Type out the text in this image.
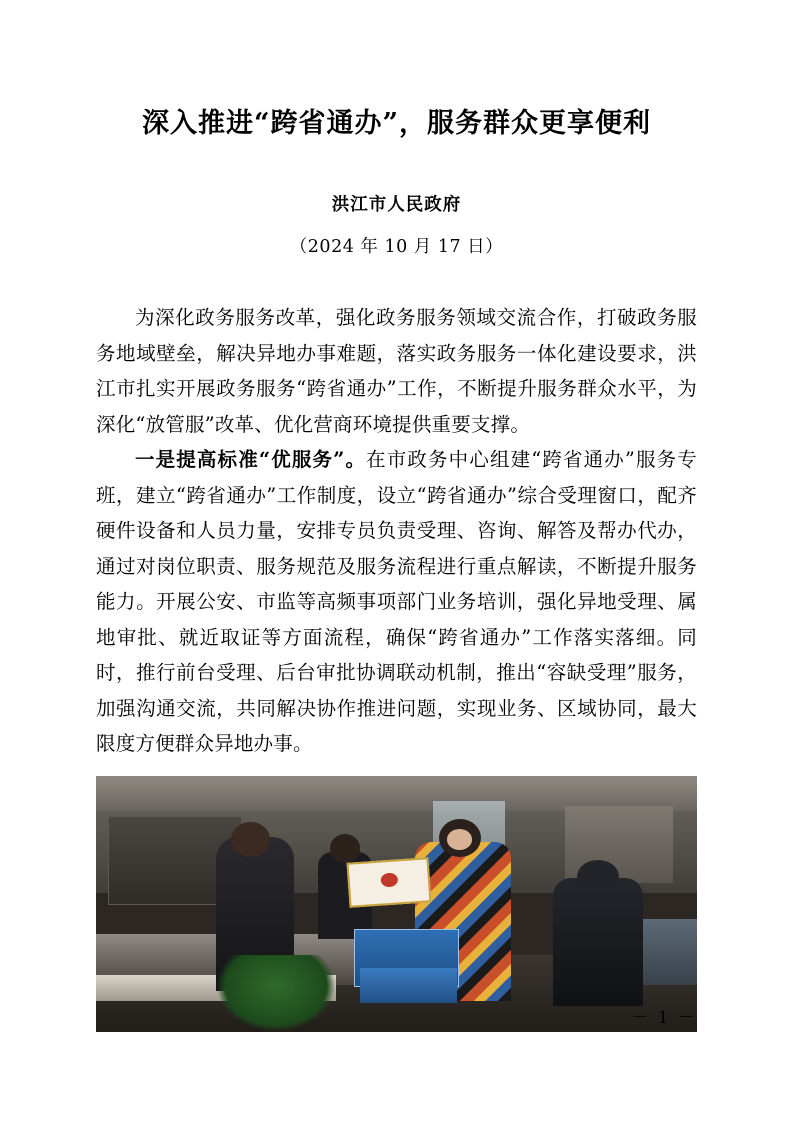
深入推进“跨省通办”，服务群众更享便利
洪江市人民政府
（2024 年 10 月 17 日）

为深化政务服务改革，强化政务服务领域交流合作，打破政务服务地域壁垒，解决异地办事难题，落实政务服务一体化建设要求，洪江市扎实开展政务服务“跨省通办”工作，不断提升服务群众水平，为深化“放管服”改革、优化营商环境提供重要支撑。

一是提高标准“优服务”。在市政务中心组建“跨省通办”服务专班，建立“跨省通办”工作制度，设立“跨省通办”综合受理窗口，配齐硬件设备和人员力量，安排专员负责受理、咨询、解答及帮办代办，通过对岗位职责、服务规范及服务流程进行重点解读，不断提升服务能力。开展公安、市监等高频事项部门业务培训，强化异地受理、属地审批、就近取证等方面流程，确保“跨省通办”工作落实落细。同时，推行前台受理、后台审批协调联动机制，推出“容缺受理”服务，加强沟通交流，共同解决协作推进问题，实现业务、区域协同，最大限度方便群众异地办事。

－ 1 －
